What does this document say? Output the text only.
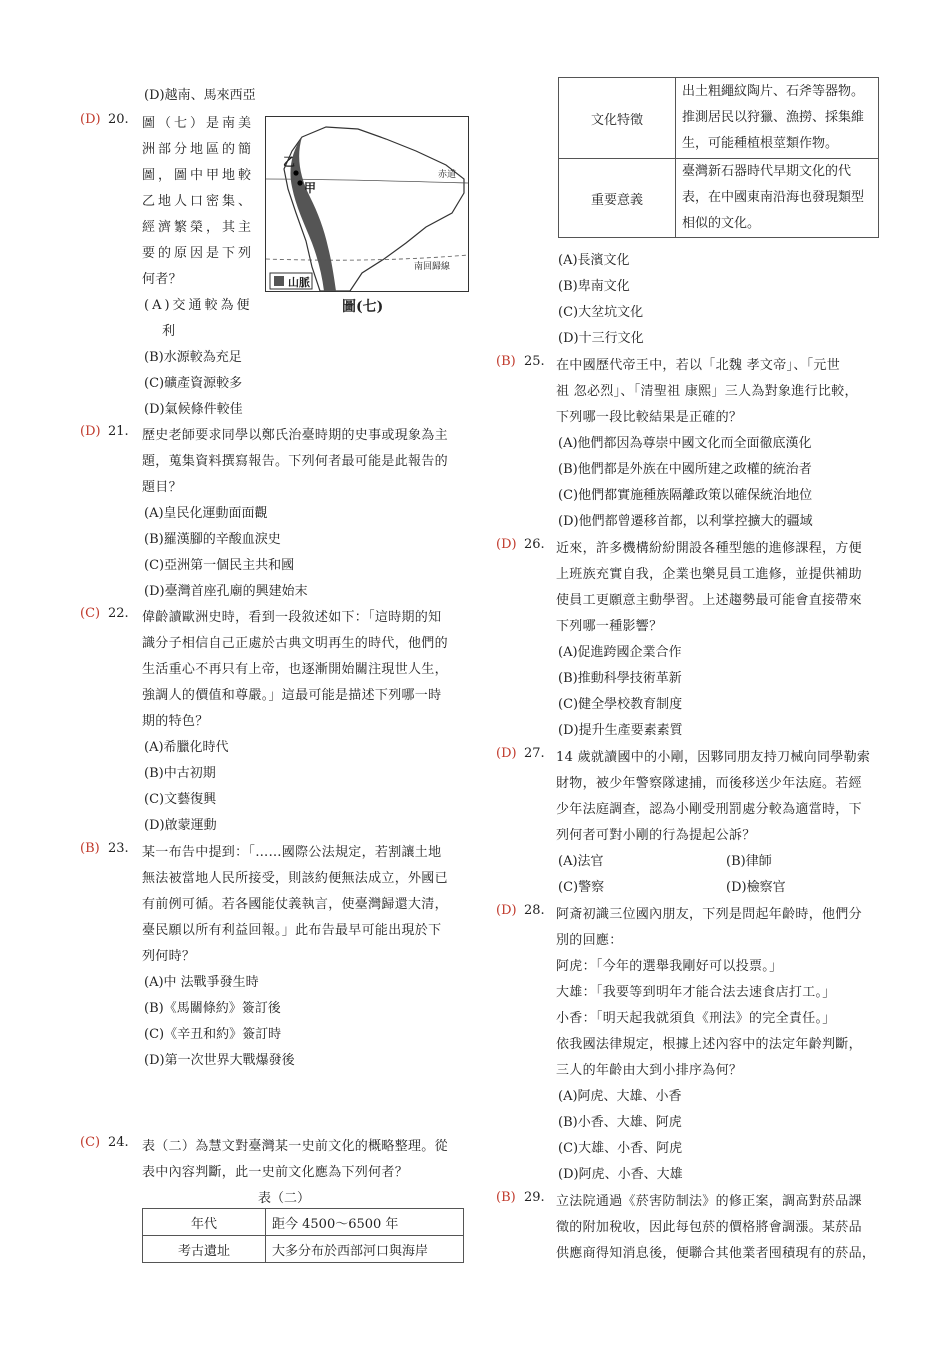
(D)越南、馬來西亞
(D) 20. 圖（七）是南美
洲部分地區的簡
圖，圖中甲地較
乙地人口密集、
經濟繁榮，其主
要的原因是下列
何者？
(A)交通較為便
利
(B)水源較為充足
(C)礦產資源較多
(D)氣候條件較佳
乙
甲
赤道
南回歸線
山脈
圖(七)
(D) 21. 歷史老師要求同學以鄭氏治臺時期的史事或現象為主
題，蒐集資料撰寫報告。下列何者最可能是此報告的
題目？
(A)皇民化運動面面觀
(B)羅漢腳的辛酸血淚史
(C)亞洲第一個民主共和國
(D)臺灣首座孔廟的興建始末
(C) 22. 偉齡讀歐洲史時，看到一段敘述如下：「這時期的知
識分子相信自己正處於古典文明再生的時代，他們的
生活重心不再只有上帝，也逐漸開始關注現世人生，
強調人的價值和尊嚴。」這最可能是描述下列哪一時
期的特色？
(A)希臘化時代
(B)中古初期
(C)文藝復興
(D)啟蒙運動
(B) 23. 某一布告中提到：「……國際公法規定，若割讓土地
無法被當地人民所接受，則該約便無法成立，外國已
有前例可循。若各國能仗義執言，使臺灣歸還大清，
臺民願以所有利益回報。」此布告最早可能出現於下
列何時？
(A)中 法戰爭發生時
(B)《馬關條約》簽訂後
(C)《辛丑和約》簽訂時
(D)第一次世界大戰爆發後
(C) 24. 表（二）為慧文對臺灣某一史前文化的概略整理。從
表中內容判斷，此一史前文化應為下列何者？
表（二）
年代	距今 4500～6500 年
考古遺址	大多分布於西部河口與海岸
文化特徵	出土粗繩紋陶片、石斧等器物。
推測居民以狩獵、漁撈、採集維
生，可能種植根莖類作物。

重要意義	臺灣新石器時代早期文化的代
表，在中國東南沿海也發現類型
相似的文化。
(A)長濱文化
(B)卑南文化
(C)大坌坑文化
(D)十三行文化
(B) 25. 在中國歷代帝王中，若以「北魏 孝文帝」、「元世
祖 忽必烈」、「清聖祖 康熙」三人為對象進行比較，
下列哪一段比較結果是正確的？
(A)他們都因為尊崇中國文化而全面徹底漢化
(B)他們都是外族在中國所建之政權的統治者
(C)他們都實施種族隔離政策以確保統治地位
(D)他們都曾遷移首都，以利掌控擴大的疆域
(D) 26. 近來，許多機構紛紛開設各種型態的進修課程，方便
上班族充實自我，企業也樂見員工進修，並提供補助
使員工更願意主動學習。上述趨勢最可能會直接帶來
下列哪一種影響？
(A)促進跨國企業合作
(B)推動科學技術革新
(C)健全學校教育制度
(D)提升生產要素素質
(D) 27. 14 歲就讀國中的小剛，因夥同朋友持刀械向同學勒索
財物，被少年警察隊逮捕，而後移送少年法庭。若經
少年法庭調查，認為小剛受刑罰處分較為適當時，下
列何者可對小剛的行為提起公訴？
(A)法官	(B)律師
(C)警察	(D)檢察官
(D) 28. 阿斎初識三位國內朋友，下列是問起年齡時，他們分
別的回應：
阿虎：「今年的選舉我剛好可以投票。」
大雄：「我要等到明年才能合法去速食店打工。」
小香：「明天起我就須負《刑法》的完全責任。」
依我國法律規定，根據上述內容中的法定年齡判斷，
三人的年齡由大到小排序為何？
(A)阿虎、大雄、小香
(B)小香、大雄、阿虎
(C)大雄、小香、阿虎
(D)阿虎、小香、大雄
(B) 29. 立法院通過《菸害防制法》的修正案，調高對菸品課
徵的附加稅收，因此每包菸的價格將會調漲。某菸品
供應商得知消息後，便聯合其他業者囤積現有的菸品，
